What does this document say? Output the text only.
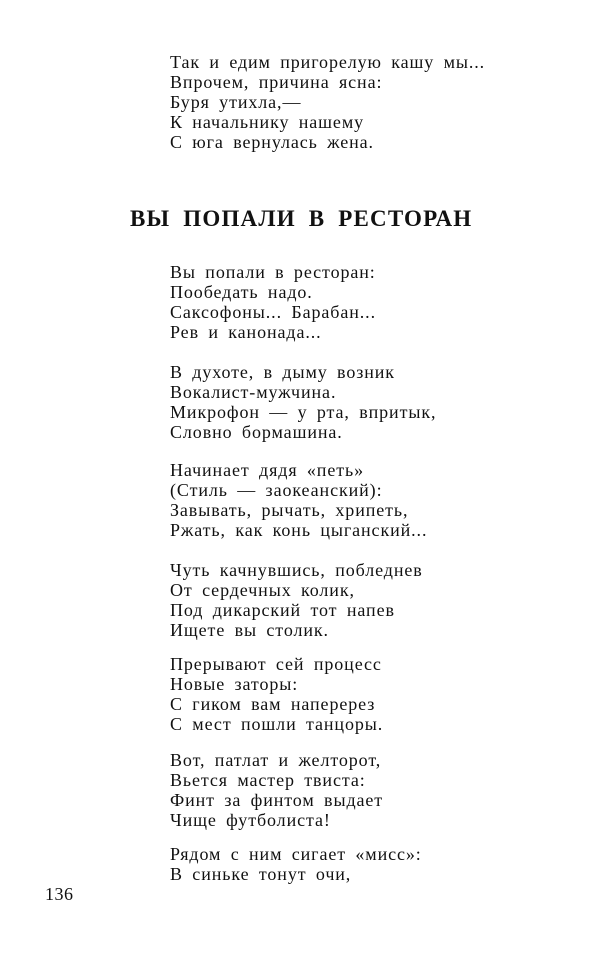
Так и едим пригорелую кашу мы...
Впрочем, причина ясна:
Буря утихла,—
К начальнику нашему
С юга вернулась жена.
ВЫ ПОПАЛИ В РЕСТОРАН
Вы попали в ресторан:
Пообедать надо.
Саксофоны... Барабан...
Рев и канонада...
В духоте, в дыму возник
Вокалист-мужчина.
Микрофон — у рта, впритык,
Словно бормашина.
Начинает дядя «петь»
(Стиль — заокеанский):
Завывать, рычать, хрипеть,
Ржать, как конь цыганский...
Чуть качнувшись, побледнев
От сердечных колик,
Под дикарский тот напев
Ищете вы столик.
Прерывают сей процесс
Новые заторы:
С гиком вам наперерез
С мест пошли танцоры.
Вот, патлат и желторот,
Вьется мастер твиста:
Финт за финтом выдает
Чище футболиста!
Рядом с ним сигает «мисс»:
В синьке тонут очи,
136
